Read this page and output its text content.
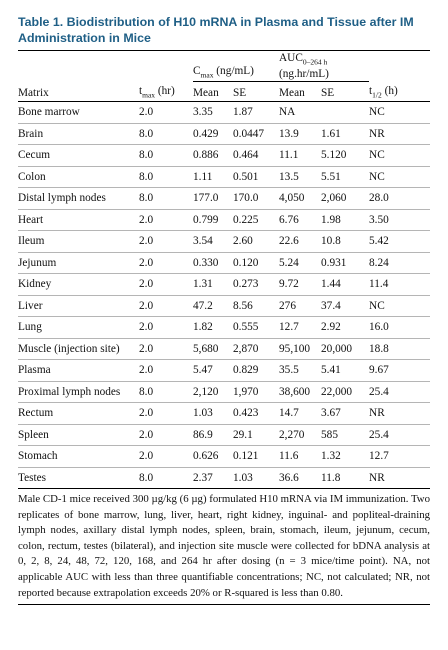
Table 1. Biodistribution of H10 mRNA in Plasma and Tissue after IM Administration in Mice
		$C_{max}$ (ng/mL)		$AUC_{0-264 h}$
(ng.hr/mL)		
Matrix	$t_{max}$ (hr)	Mean	SE	Mean	SE	$t_{1/2}$ (h)
Bone marrow	2.0	3.35	1.87	NA		NC
Brain	8.0	0.429	0.0447	13.9	1.61	NR
Cecum	8.0	0.886	0.464	11.1	5.120	NC
Colon	8.0	1.11	0.501	13.5	5.51	NC
Distal lymph nodes	8.0	177.0	170.0	4,050	2,060	28.0
Heart	2.0	0.799	0.225	6.76	1.98	3.50
Ileum	2.0	3.54	2.60	22.6	10.8	5.42
Jejunum	2.0	0.330	0.120	5.24	0.931	8.24
Kidney	2.0	1.31	0.273	9.72	1.44	11.4
Liver	2.0	47.2	8.56	276	37.4	NC
Lung	2.0	1.82	0.555	12.7	2.92	16.0
Muscle (injection site)	2.0	5,680	2,870	95,100	20,000	18.8
Plasma	2.0	5.47	0.829	35.5	5.41	9.67
Proximal lymph nodes	8.0	2,120	1,970	38,600	22,000	25.4
Rectum	2.0	1.03	0.423	14.7	3.67	NR
Spleen	2.0	86.9	29.1	2,270	585	25.4
Stomach	2.0	0.626	0.121	11.6	1.32	12.7
Testes	8.0	2.37	1.03	36.6	11.8	NR
Male CD-1 mice received 300 µg/kg (6 µg) formulated H10 mRNA via IM immunization. Two replicates of bone marrow, lung, liver, heart, right kidney, inguinal- and popliteal-draining lymph nodes, axillary distal lymph nodes, spleen, brain, stomach, ileum, jejunum, cecum, colon, rectum, testes (bilateral), and injection site muscle were collected for bDNA analysis at 0, 2, 8, 24, 48, 72, 120, 168, and 264 hr after dosing (n = 3 mice/time point). NA, not applicable AUC with less than three quantifiable concentrations; NC, not calculated; NR, not reported because extrapolation exceeds 20% or R-squared is less than 0.80.
